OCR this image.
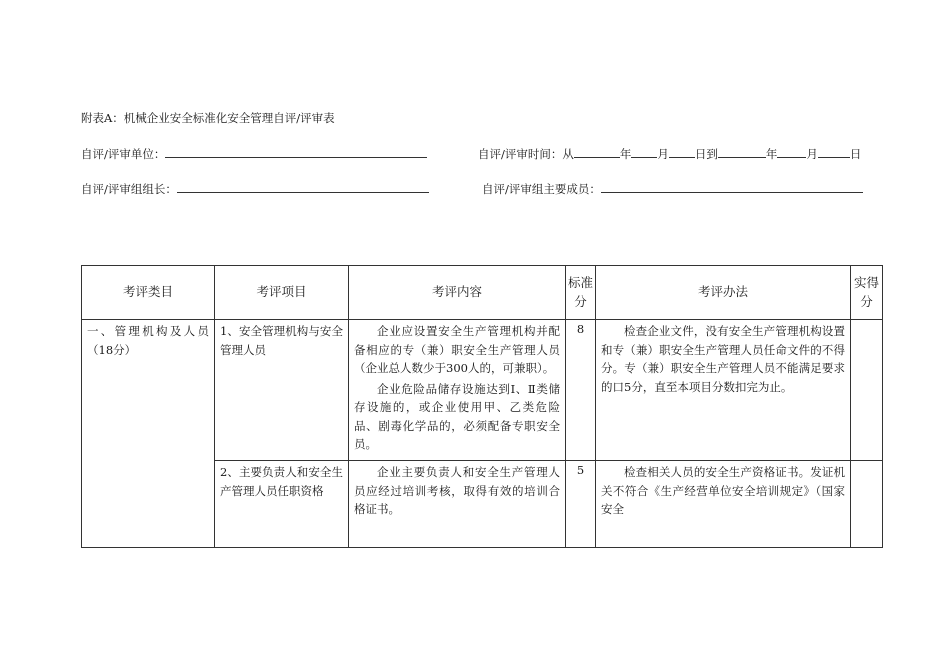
附表A：机械企业安全标准化安全管理自评/评审表
自评/评审单位：	自评/评审时间：从	年 月 日到	年	月	日
自评/评审组组长：	自评/评审组主要成员：
考评类目	考评项目	考评内容	标准分	考评办法	实得分

一、管理机构及人员（18分）	1、安全管理机构与安全管理人员	企业应设置安全生产管理机构并配备相应的专（兼）职安全生产管理人员（企业总人数少于300人的，可兼职）。
企业危险品储存设施达到Ⅰ、Ⅱ类储存设施的，或企业使用甲、乙类危险品、剧毒化学品的，必须配备专职安全员。	8	检查企业文件，没有安全生产管理机构设置和专（兼）职安全生产管理人员任命文件的不得分。专（兼）职安全生产管理人员不能满足要求的口5分，直至本项目分数扣完为止。	

	2、主要负责人和安全生产管理人员任职资格	企业主要负责人和安全生产管理人员应经过培训考核，取得有效的培训合格证书。	5	检查相关人员的安全生产资格证书。发证机关不符合《生产经营单位安全培训规定》（国家安全	
